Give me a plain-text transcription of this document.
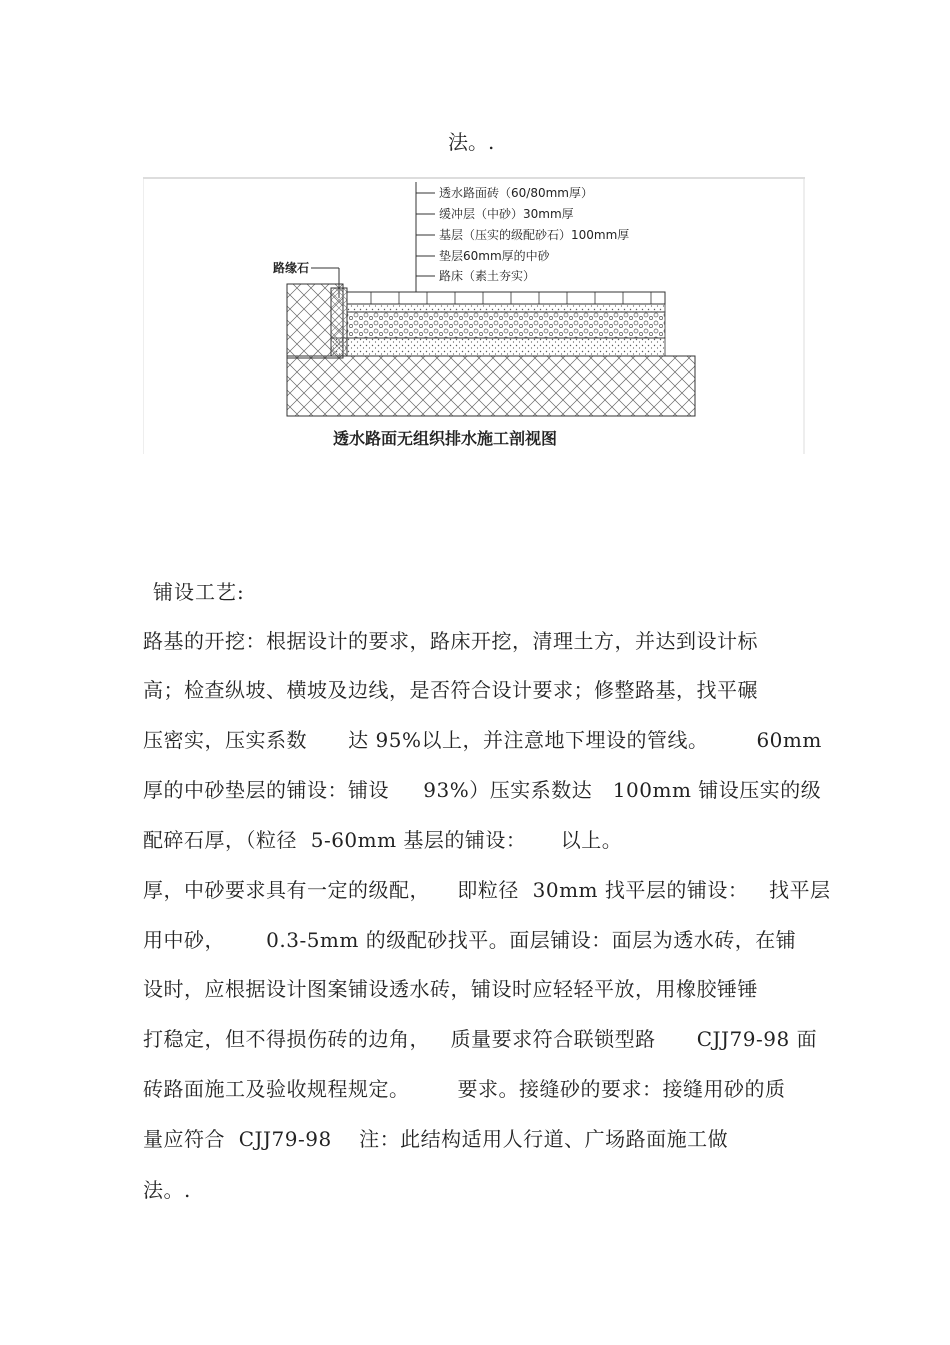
法。.
透水路面砖（60/80mm厚）
缓冲层（中砂）30mm厚
基层（压实的级配砂石）100mm厚
垫层60mm厚的中砂
路床（素土夯实）
路缘石
透水路面无组织排水施工剖视图
铺设工艺:
路基的开挖：根据设计的要求，路床开挖，清理土方，并达到设计标
高；检查纵坡、横坡及边线，是否符合设计要求；修整路基，找平碾
压密实，压实系数      达 95%以上，并注意地下埋设的管线。       60mm
厚的中砂垫层的铺设：铺设     93%）压实系数达   100mm 铺设压实的级
配碎石厚，（粒径  5-60mm 基层的铺设：     以上。
厚，中砂要求具有一定的级配，    即粒径  30mm 找平层的铺设：   找平层
用中砂，      0.3-5mm 的级配砂找平。面层铺设：面层为透水砖，在铺
设时，应根据设计图案铺设透水砖，铺设时应轻轻平放，用橡胶锤锤
打稳定，但不得损伤砖的边角，   质量要求符合联锁型路      CJJ79-98 面
砖路面施工及验收规程规定。       要求。接缝砂的要求：接缝用砂的质
量应符合  CJJ79-98    注：此结构适用人行道、广场路面施工做
法。.
